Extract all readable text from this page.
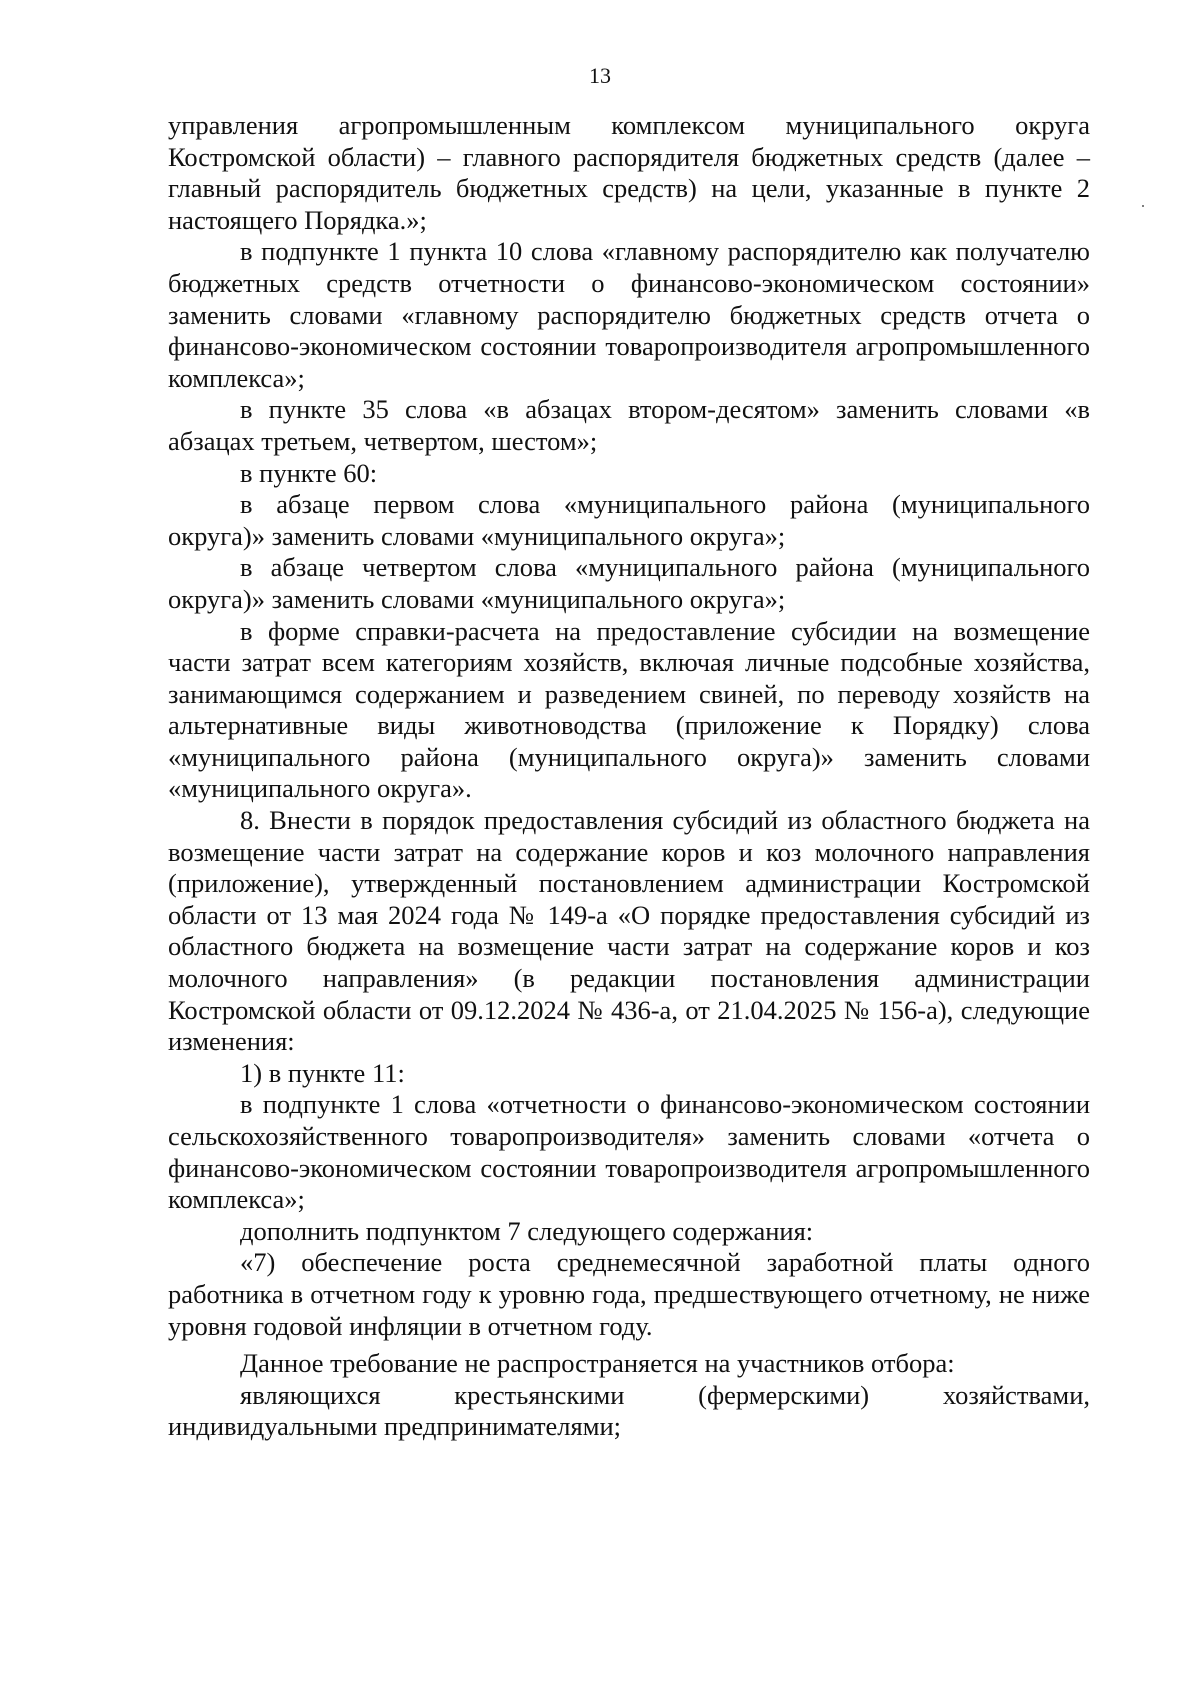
13

управления агропромышленным комплексом муниципального округа Костромской области) – главного распорядителя бюджетных средств (далее – главный распорядитель бюджетных средств) на цели, указанные в пункте 2 настоящего Порядка.»;

в подпункте 1 пункта 10 слова «главному распорядителю как получателю бюджетных средств отчетности о финансово-экономическом состоянии» заменить словами «главному распорядителю бюджетных средств отчета о финансово-экономическом состоянии товаропроизводителя агропромышленного комплекса»;

в пункте 35 слова «в абзацах втором-десятом» заменить словами «в абзацах третьем, четвертом, шестом»;

в пункте 60:

в абзаце первом слова «муниципального района (муниципального округа)» заменить словами «муниципального округа»;

в абзаце четвертом слова «муниципального района (муниципального округа)» заменить словами «муниципального округа»;

в форме справки-расчета на предоставление субсидии на возмещение части затрат всем категориям хозяйств, включая личные подсобные хозяйства, занимающимся содержанием и разведением свиней, по переводу хозяйств на альтернативные виды животноводства (приложение к Порядку) слова «муниципального района (муниципального округа)» заменить словами «муниципального округа».

8. Внести в порядок предоставления субсидий из областного бюджета на возмещение части затрат на содержание коров и коз молочного направления (приложение), утвержденный постановлением администрации Костромской области от 13 мая 2024 года № 149-а «О порядке предоставления субсидий из областного бюджета на возмещение части затрат на содержание коров и коз молочного направления» (в редакции постановления администрации Костромской области от 09.12.2024 № 436-а, от 21.04.2025 № 156-а), следующие изменения:

1) в пункте 11:

в подпункте 1 слова «отчетности о финансово-экономическом состоянии сельскохозяйственного товаропроизводителя» заменить словами «отчета о финансово-экономическом состоянии товаропроизводителя агропромышленного комплекса»;

дополнить подпунктом 7 следующего содержания:

«7) обеспечение роста среднемесячной заработной платы одного работника в отчетном году к уровню года, предшествующего отчетному, не ниже уровня годовой инфляции в отчетном году.

Данное требование не распространяется на участников отбора:

являющихся крестьянскими (фермерскими) хозяйствами, индивидуальными предпринимателями;
